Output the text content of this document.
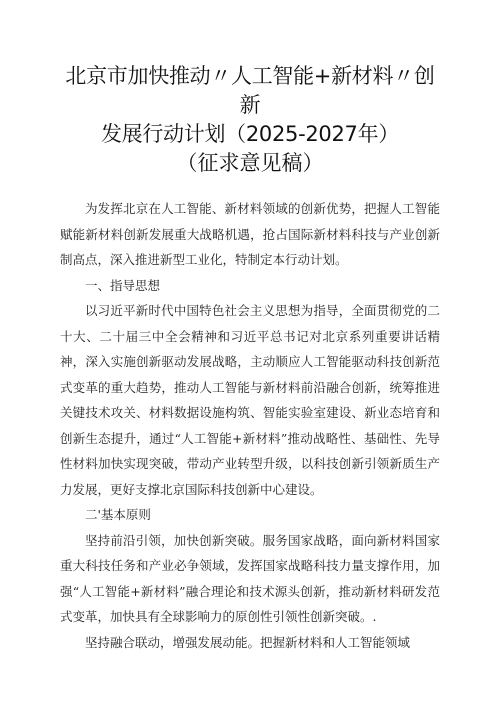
北京市加快推动〃人工智能+新材料〃创新
发展行动计划（2025-2027年）
（征求意见稿）

为发挥北京在人工智能、新材料领域的创新优势，把握人工智能赋能新材料创新发展重大战略机遇，抢占国际新材料科技与产业创新制高点，深入推进新型工业化，特制定本行动计划。

一、指导思想

以习近平新时代中国特色社会主义思想为指导，全面贯彻党的二十大、二十届三中全会精神和习近平总书记对北京系列重要讲话精神，深入实施创新驱动发展战略，主动顺应人工智能驱动科技创新范式变革的重大趋势，推动人工智能与新材料前沿融合创新，统筹推进关键技术攻关、材料数据设施构筑、智能实验室建设、新业态培育和创新生态提升，通过“人工智能+新材料”推动战略性、基础性、先导性材料加快实现突破，带动产业转型升级，以科技创新引领新质生产力发展，更好支撑北京国际科技创新中心建设。

二'基本原则

坚持前沿引领，加快创新突破。服务国家战略，面向新材料国家重大科技任务和产业必争领域，发挥国家战略科技力量支撑作用，加强“人工智能+新材料”融合理论和技术源头创新，推动新材料研发范式变革，加快具有全球影响力的原创性引领性创新突破。.

坚持融合联动，增强发展动能。把握新材料和人工智能领域
